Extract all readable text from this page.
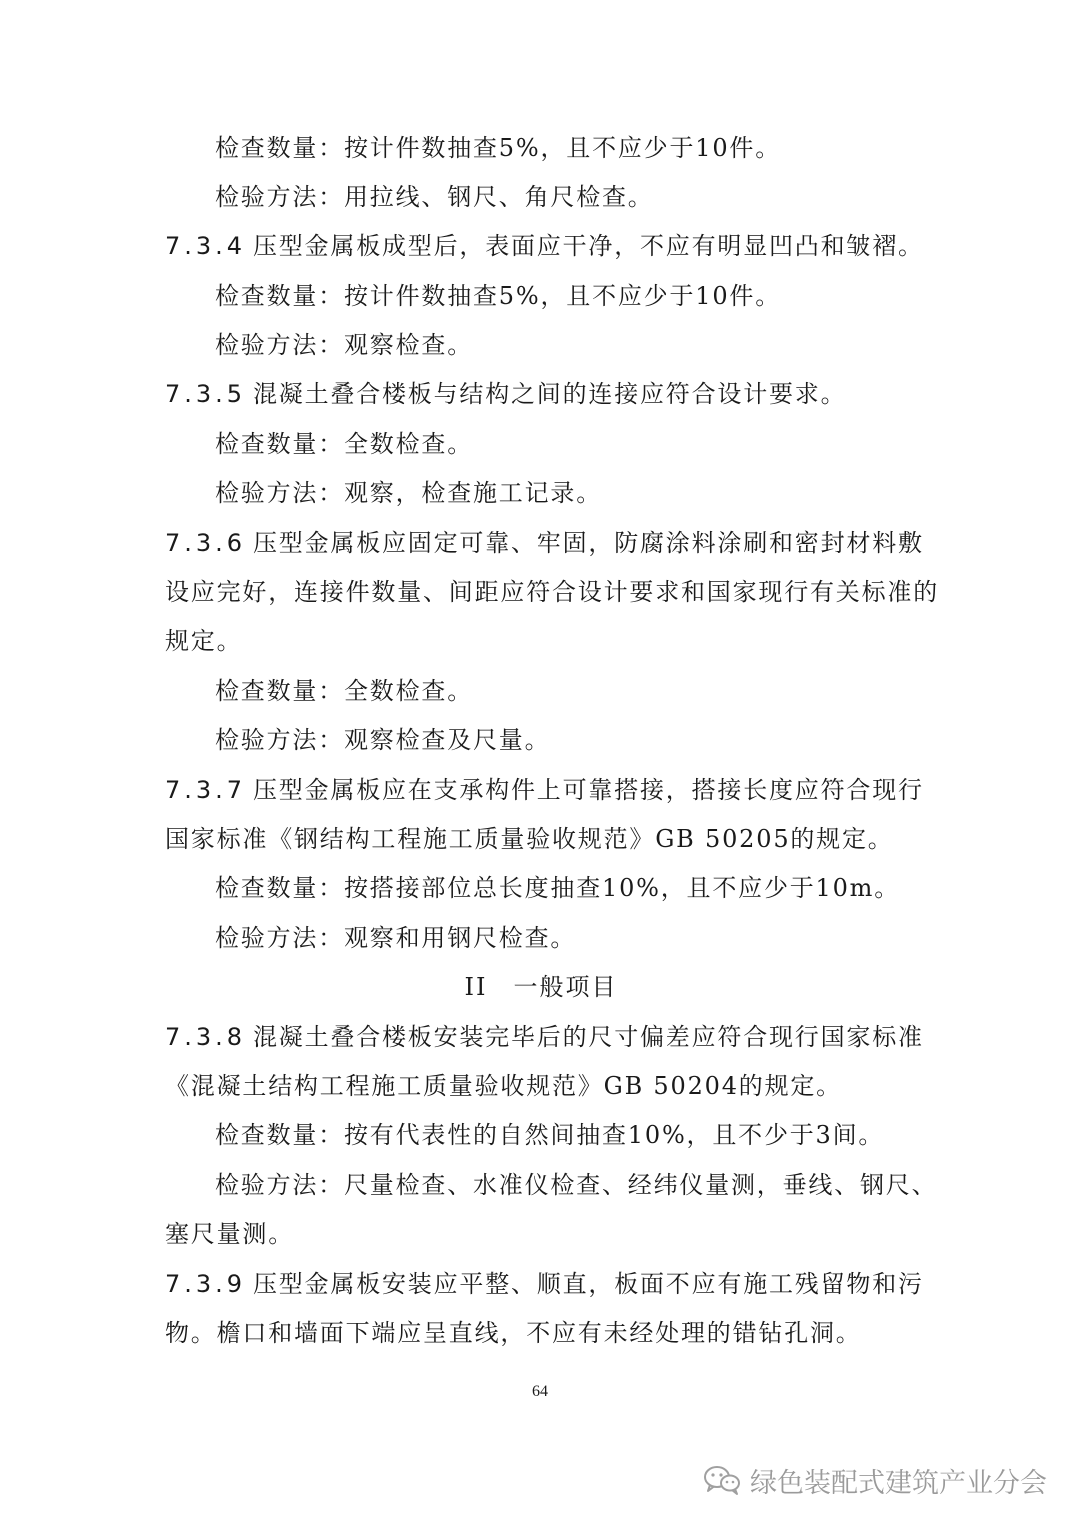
检查数量：按计件数抽查5%，且不应少于10件。
检验方法：用拉线、钢尺、角尺检查。
7.3.4 压型金属板成型后，表面应干净，不应有明显凹凸和皱褶。
检查数量：按计件数抽查5%，且不应少于10件。
检验方法：观察检查。
7.3.5 混凝土叠合楼板与结构之间的连接应符合设计要求。
检查数量：全数检查。
检验方法：观察，检查施工记录。
7.3.6 压型金属板应固定可靠、牢固，防腐涂料涂刷和密封材料敷
设应完好，连接件数量、间距应符合设计要求和国家现行有关标准的
规定。
检查数量：全数检查。
检验方法：观察检查及尺量。
7.3.7 压型金属板应在支承构件上可靠搭接，搭接长度应符合现行
国家标准《钢结构工程施工质量验收规范》GB 50205的规定。
检查数量：按搭接部位总长度抽查10%，且不应少于10m。
检验方法：观察和用钢尺检查。
II　一般项目
7.3.8 混凝土叠合楼板安装完毕后的尺寸偏差应符合现行国家标准
《混凝土结构工程施工质量验收规范》GB 50204的规定。
检查数量：按有代表性的自然间抽查10%，且不少于3间。
检验方法：尺量检查、水准仪检查、经纬仪量测，垂线、钢尺、
塞尺量测。
7.3.9 压型金属板安装应平整、顺直，板面不应有施工残留物和污
物。檐口和墙面下端应呈直线，不应有未经处理的错钻孔洞。
64
绿色装配式建筑产业分会
